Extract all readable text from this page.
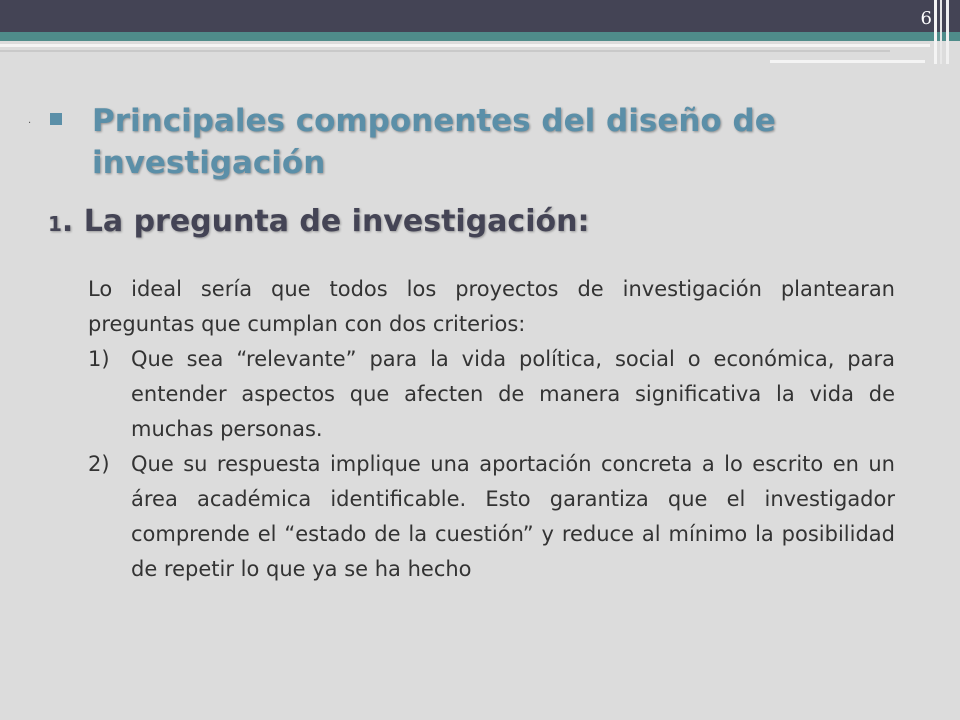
6
. Principales componentes del diseño de investigación
1. La pregunta de investigación:
Lo ideal sería que todos los proyectos de investigación plantearan preguntas que cumplan con dos criterios:
1)	Que sea “relevante” para la vida política, social o económica, para entender aspectos que afecten de manera significativa la vida de muchas personas.
2)	Que su respuesta implique una aportación concreta a lo escrito en un área académica identificable. Esto garantiza que el investigador comprende el “estado de la cuestión” y reduce al mínimo la posibilidad de repetir lo que ya se ha hecho
